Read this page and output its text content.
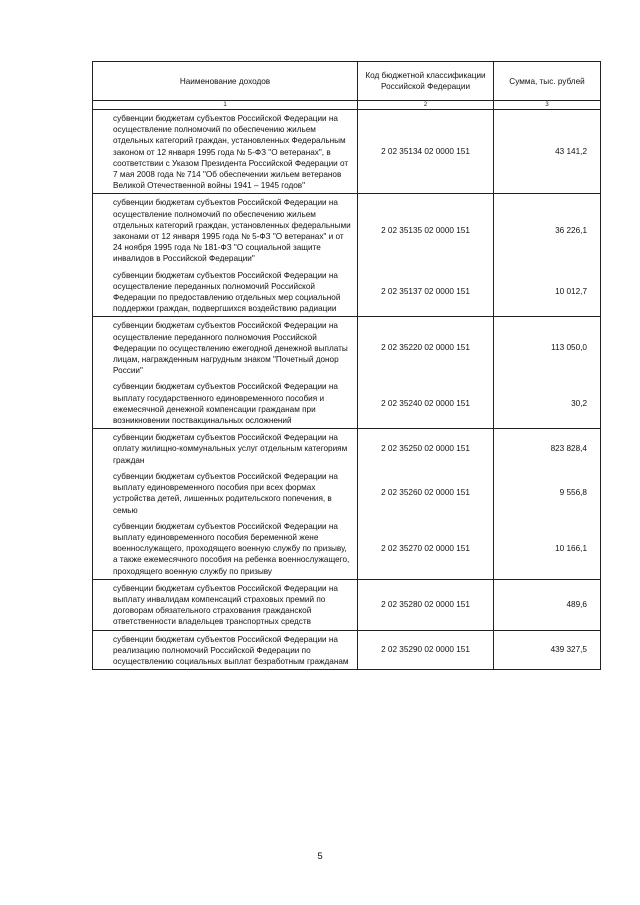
Наименование доходов	Код бюджетной классификации Российской Федерации	Сумма, тыс. рублей
1	2	3
субвенции бюджетам субъектов Российской Федерации на осуществление полномочий по обеспечению жильем отдельных категорий граждан, установленных Федеральным законом от 12 января 1995 года № 5-ФЗ "О ветеранах", в соответствии с Указом Президента Российской Федерации от 7 мая 2008 года № 714 "Об обеспечении жильем ветеранов Великой Отечественной войны 1941 – 1945 годов"	2 02 35134 02 0000 151	43 141,2
субвенции бюджетам субъектов Российской Федерации на осуществление полномочий по обеспечению жильем отдельных категорий граждан, установленных федеральными законами от 12 января 1995 года № 5-ФЗ "О ветеранах" и от 24 ноября 1995 года № 181-ФЗ "О социальной защите инвалидов в Российской Федерации"	2 02 35135 02 0000 151	36 226,1
субвенции бюджетам субъектов Российской Федерации на осуществление переданных полномочий Российской Федерации по предоставлению отдельных мер социальной поддержки граждан, подвергшихся воздействию радиации	2 02 35137 02 0000 151	10 012,7
субвенции бюджетам субъектов Российской Федерации на осуществление переданного полномочия Российской Федерации по осуществлению ежегодной денежной выплаты лицам, награжденным нагрудным знаком "Почетный донор России"	2 02 35220 02 0000 151	113 050,0
субвенции бюджетам субъектов Российской Федерации на выплату государственного единовременного пособия и ежемесячной денежной компенсации гражданам при возникновении поствакцинальных осложнений	2 02 35240 02 0000 151	30,2
субвенции бюджетам субъектов Российской Федерации на оплату жилищно-коммунальных услуг отдельным категориям граждан	2 02 35250 02 0000 151	823 828,4
субвенции бюджетам субъектов Российской Федерации на выплату единовременного пособия при всех формах устройства детей, лишенных родительского попечения, в семью	2 02 35260 02 0000 151	9 556,8
субвенции бюджетам субъектов Российской Федерации на выплату единовременного пособия беременной жене военнослужащего, проходящего военную службу по призыву, а также ежемесячного пособия на ребенка военнослужащего, проходящего военную службу по призыву	2 02 35270 02 0000 151	10 166,1
субвенции бюджетам субъектов Российской Федерации на выплату инвалидам компенсаций страховых премий по договорам обязательного страхования гражданской ответственности владельцев транспортных средств	2 02 35280 02 0000 151	489,6
субвенции бюджетам субъектов Российской Федерации на реализацию полномочий Российской Федерации по осуществлению социальных выплат безработным гражданам	2 02 35290 02 0000 151	439 327,5
5
